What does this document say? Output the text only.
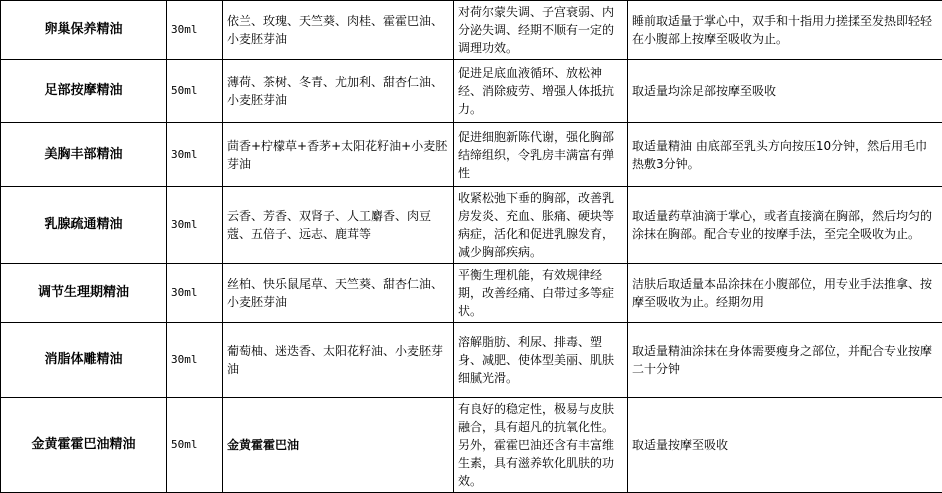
卵巢保养精油	30ml	依兰、玫瑰、天竺葵、肉桂、霍霍巴油、小麦胚芽油	对荷尔蒙失调、子宫衰弱、内分泌失调、经期不顺有一定的调理功效。	睡前取适量于掌心中，双手和十指用力搓揉至发热即轻轻在小腹部上按摩至吸收为止。
足部按摩精油	50ml	薄荷、茶树、冬青、尤加利、甜杏仁油、小麦胚芽油	促进足底血液循环、放松神经、消除疲劳、增强人体抵抗力。	取适量均涂足部按摩至吸收
美胸丰部精油	30ml	茴香+柠檬草+香茅+太阳花籽油+小麦胚芽油	促进细胞新陈代谢，强化胸部结缔组织，令乳房丰满富有弹性	取适量精油 由底部至乳头方向按压10分钟，然后用毛巾热敷3分钟。
乳腺疏通精油	30ml	云香、芳香、双肾子、人工麝香、肉豆蔻、五倍子、远志、鹿茸等	收紧松弛下垂的胸部，改善乳房发炎、充血、胀痛、硬块等病症，活化和促进乳腺发育，减少胸部疾病。	取适量药草油滴于掌心，或者直接滴在胸部，然后均匀的涂抹在胸部。配合专业的按摩手法，至完全吸收为止。
调节生理期精油	30ml	丝柏、快乐鼠尾草、天竺葵、甜杏仁油、小麦胚芽油	平衡生理机能，有效规律经期，改善经痛、白带过多等症状。	洁肤后取适量本品涂抹在小腹部位，用专业手法推拿、按摩至吸收为止。经期勿用
消脂体雕精油	30ml	葡萄柚、迷迭香、太阳花籽油、小麦胚芽油	溶解脂肪、利尿、排毒、塑身、减肥、使体型美丽、肌肤细腻光滑。	取适量精油涂抹在身体需要瘦身之部位，并配合专业按摩二十分钟
金黄霍霍巴油精油	50ml	金黄霍霍巴油	有良好的稳定性，极易与皮肤融合，具有超凡的抗氧化性。另外，霍霍巴油还含有丰富维生素，具有滋养软化肌肤的功效。	取适量按摩至吸收
